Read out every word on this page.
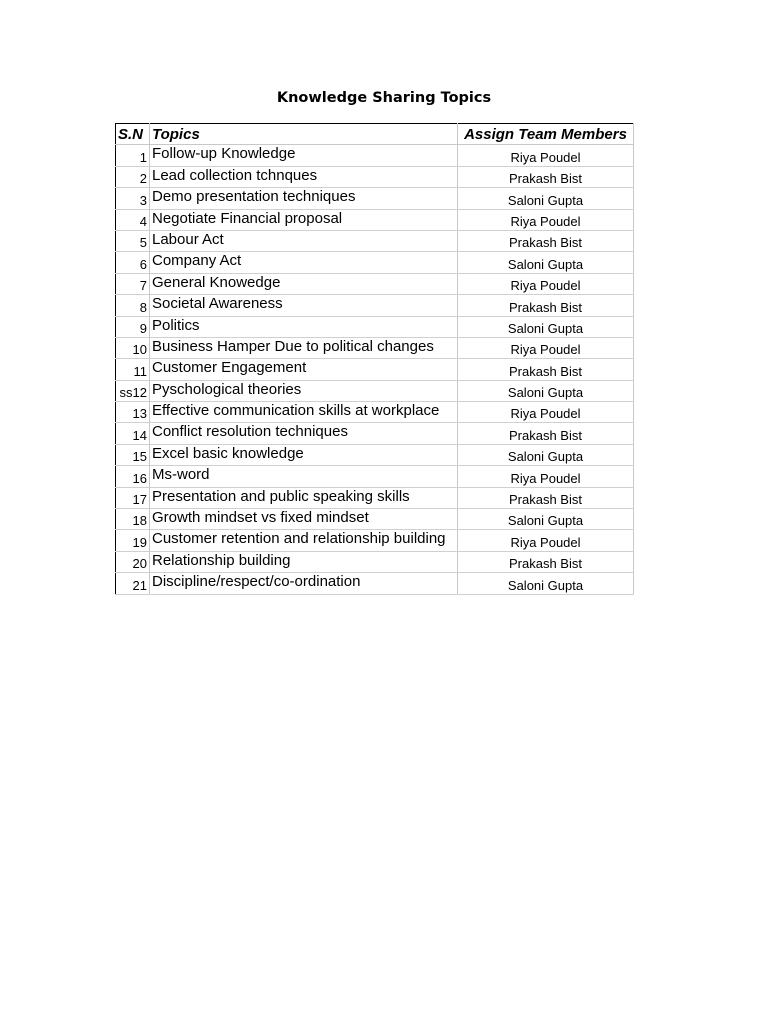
Knowledge Sharing Topics
S.N	Topics	Assign Team Members
1	Follow-up Knowledge	Riya Poudel
2	Lead collection tchnques	Prakash Bist
3	Demo presentation techniques	Saloni Gupta
4	Negotiate Financial proposal	Riya Poudel
5	Labour Act	Prakash Bist
6	Company Act	Saloni Gupta
7	General Knowedge	Riya Poudel
8	Societal Awareness	Prakash Bist
9	Politics	Saloni Gupta
10	Business Hamper Due to political changes	Riya Poudel
11	Customer Engagement	Prakash Bist
ss12	Pyschological theories	Saloni Gupta
13	Effective communication skills at workplace	Riya Poudel
14	Conflict resolution techniques	Prakash Bist
15	Excel basic knowledge	Saloni Gupta
16	Ms-word	Riya Poudel
17	Presentation and public speaking skills	Prakash Bist
18	Growth mindset vs fixed mindset	Saloni Gupta
19	Customer retention and relationship building	Riya Poudel
20	Relationship building	Prakash Bist
21	Discipline/respect/co-ordination	Saloni Gupta
